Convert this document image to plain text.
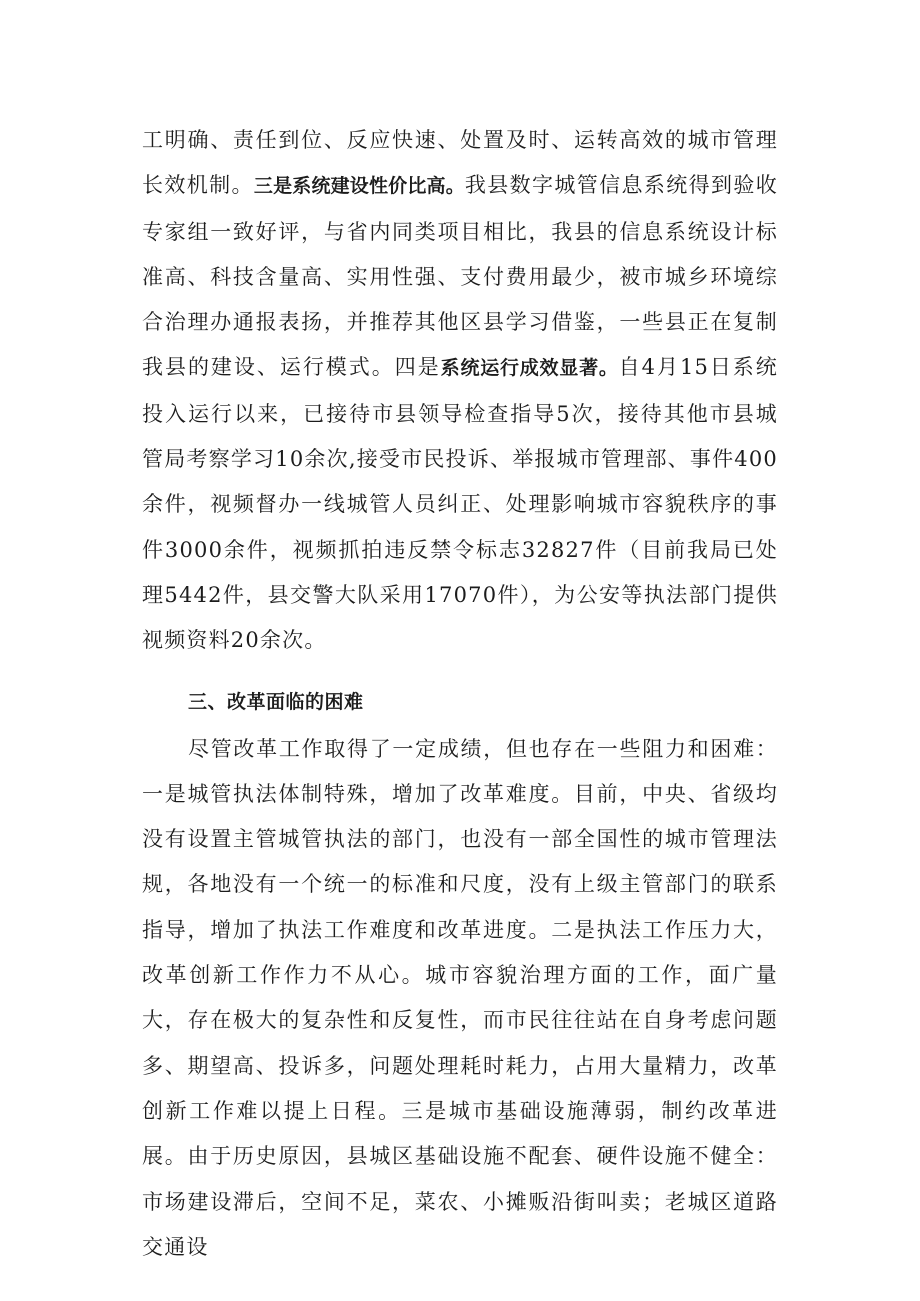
工明确、责任到位、反应快速、处置及时、运转高效的城市管理长效机制。三是系统建设性价比高。我县数字城管信息系统得到验收专家组一致好评，与省内同类项目相比，我县的信息系统设计标准高、科技含量高、实用性强、支付费用最少，被市城乡环境综合治理办通报表扬，并推荐其他区县学习借鉴，一些县正在复制我县的建设、运行模式。四是系统运行成效显著。自4月15日系统投入运行以来，已接待市县领导检查指导5次，接待其他市县城管局考察学习10余次,接受市民投诉、举报城市管理部、事件400余件，视频督办一线城管人员纠正、处理影响城市容貌秩序的事件3000余件，视频抓拍违反禁令标志32827件（目前我局已处理5442件，县交警大队采用17070件），为公安等执法部门提供视频资料20余次。

三、改革面临的困难

尽管改革工作取得了一定成绩，但也存在一些阻力和困难：一是城管执法体制特殊，增加了改革难度。目前，中央、省级均没有设置主管城管执法的部门，也没有一部全国性的城市管理法规，各地没有一个统一的标准和尺度，没有上级主管部门的联系指导，增加了执法工作难度和改革进度。二是执法工作压力大，改革创新工作作力不从心。城市容貌治理方面的工作，面广量大，存在极大的复杂性和反复性，而市民往往站在自身考虑问题多、期望高、投诉多，问题处理耗时耗力，占用大量精力，改革创新工作难以提上日程。三是城市基础设施薄弱，制约改革进展。由于历史原因，县城区基础设施不配套、硬件设施不健全：市场建设滞后，空间不足，菜农、小摊贩沿街叫卖；老城区道路交通设
